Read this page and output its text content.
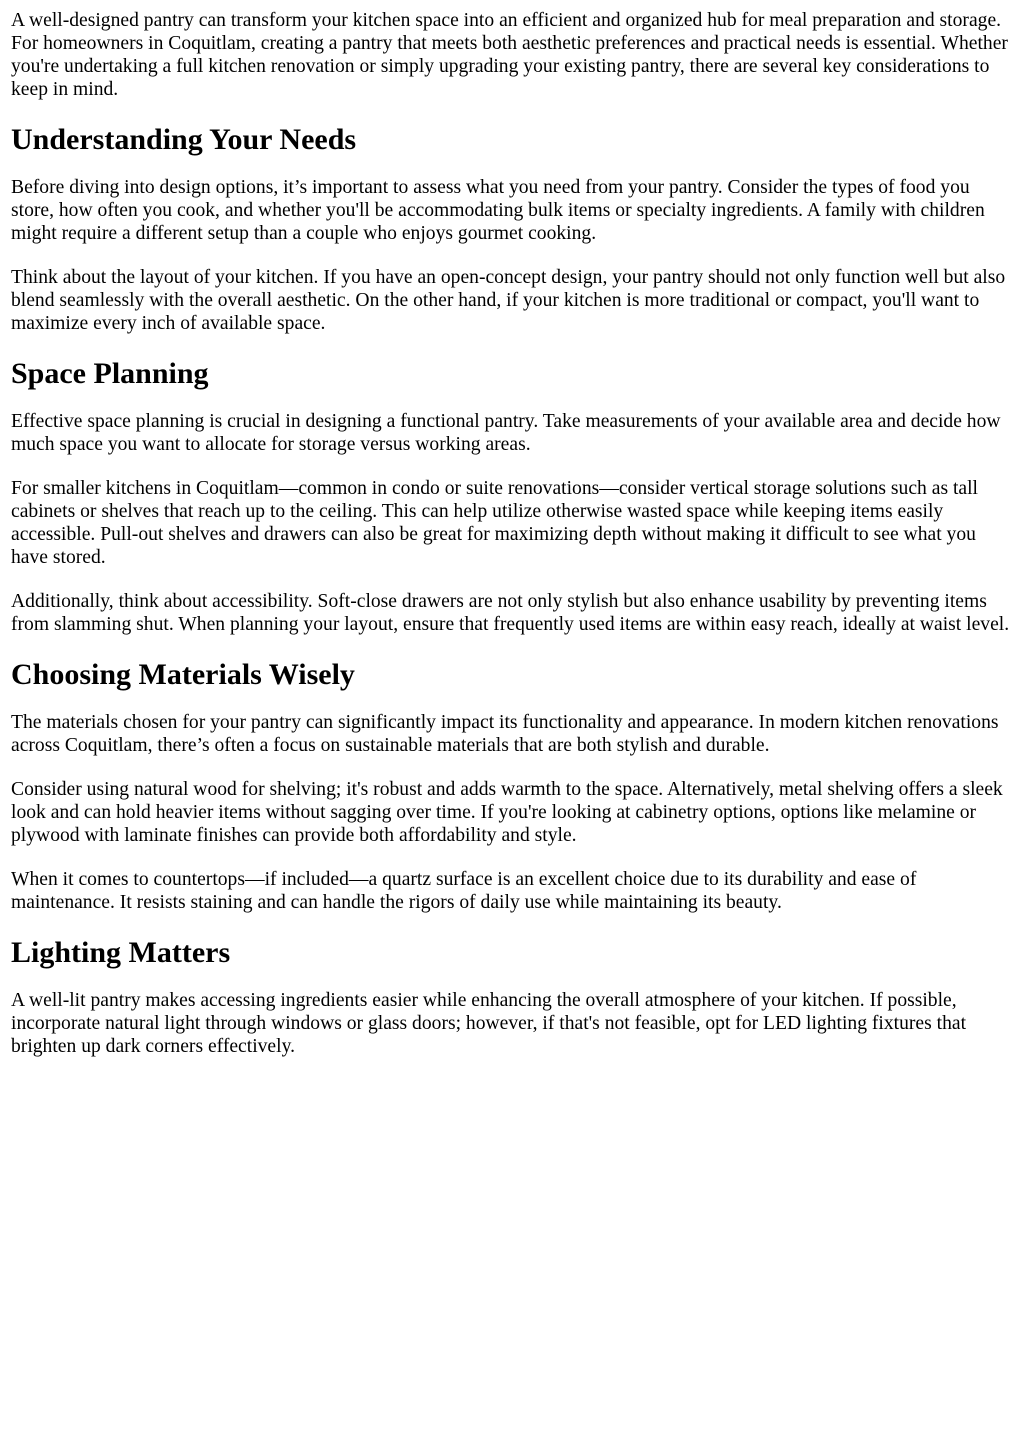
A well-designed pantry can transform your kitchen space into an efficient and organized hub for meal preparation and storage. For homeowners in Coquitlam, creating a pantry that meets both aesthetic preferences and practical needs is essential. Whether you're undertaking a full kitchen renovation or simply upgrading your existing pantry, there are several key considerations to keep in mind.

Understanding Your Needs

Before diving into design options, it’s important to assess what you need from your pantry. Consider the types of food you store, how often you cook, and whether you'll be accommodating bulk items or specialty ingredients. A family with children might require a different setup than a couple who enjoys gourmet cooking.

Think about the layout of your kitchen. If you have an open-concept design, your pantry should not only function well but also blend seamlessly with the overall aesthetic. On the other hand, if your kitchen is more traditional or compact, you'll want to maximize every inch of available space.

Space Planning

Effective space planning is crucial in designing a functional pantry. Take measurements of your available area and decide how much space you want to allocate for storage versus working areas.

For smaller kitchens in Coquitlam—common in condo or suite renovations—consider vertical storage solutions such as tall cabinets or shelves that reach up to the ceiling. This can help utilize otherwise wasted space while keeping items easily accessible. Pull-out shelves and drawers can also be great for maximizing depth without making it difficult to see what you have stored.

Additionally, think about accessibility. Soft-close drawers are not only stylish but also enhance usability by preventing items from slamming shut. When planning your layout, ensure that frequently used items are within easy reach, ideally at waist level.

Choosing Materials Wisely

The materials chosen for your pantry can significantly impact its functionality and appearance. In modern kitchen renovations across Coquitlam, there’s often a focus on sustainable materials that are both stylish and durable.

Consider using natural wood for shelving; it's robust and adds warmth to the space. Alternatively, metal shelving offers a sleek look and can hold heavier items without sagging over time. If you're looking at cabinetry options, options like melamine or plywood with laminate finishes can provide both affordability and style.

When it comes to countertops—if included—a quartz surface is an excellent choice due to its durability and ease of maintenance. It resists staining and can handle the rigors of daily use while maintaining its beauty.

Lighting Matters

A well-lit pantry makes accessing ingredients easier while enhancing the overall atmosphere of your kitchen. If possible, incorporate natural light through windows or glass doors; however, if that's not feasible, opt for LED lighting fixtures that brighten up dark corners effectively.
